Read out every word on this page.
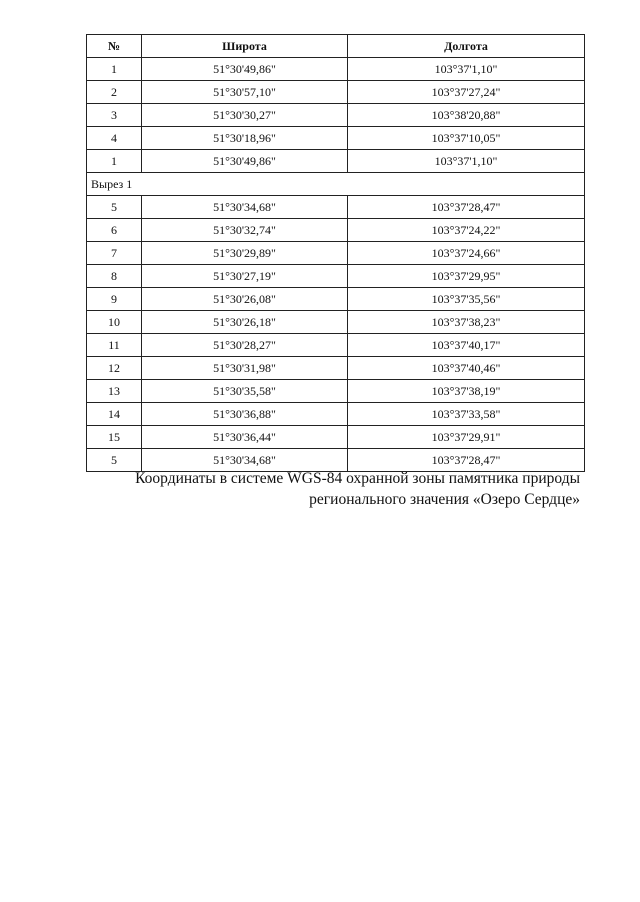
№	Широта	Долгота
1	51°30'49,86"	103°37'1,10"
2	51°30'57,10"	103°37'27,24"
3	51°30'30,27"	103°38'20,88"
4	51°30'18,96"	103°37'10,05"
1	51°30'49,86"	103°37'1,10"
Вырез 1		
5	51°30'34,68"	103°37'28,47"
6	51°30'32,74"	103°37'24,22"
7	51°30'29,89"	103°37'24,66"
8	51°30'27,19"	103°37'29,95"
9	51°30'26,08"	103°37'35,56"
10	51°30'26,18"	103°37'38,23"
11	51°30'28,27"	103°37'40,17"
12	51°30'31,98"	103°37'40,46"
13	51°30'35,58"	103°37'38,19"
14	51°30'36,88"	103°37'33,58"
15	51°30'36,44"	103°37'29,91"
5	51°30'34,68"	103°37'28,47"

Координаты в системе WGS-84 охранной зоны памятника природы

регионального значения «Озеро Сердце»
